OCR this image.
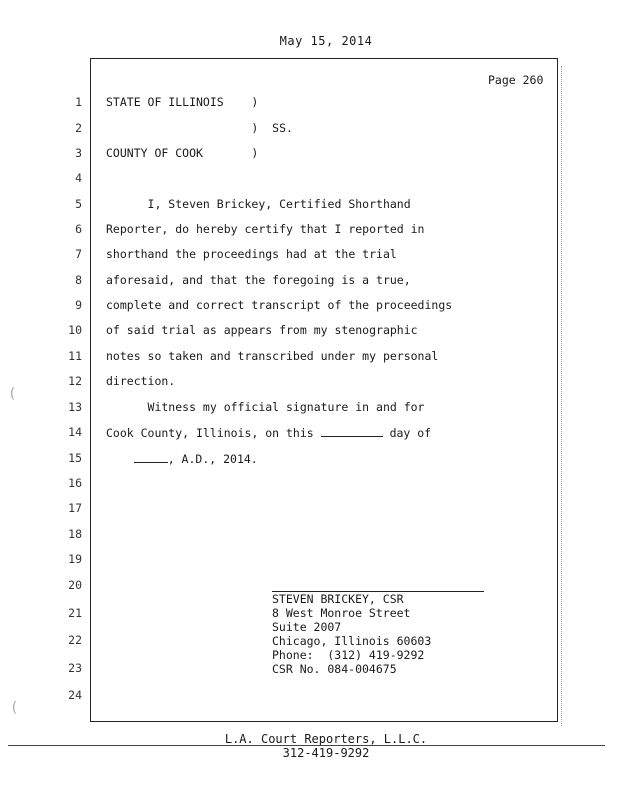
May 15, 2014
Page 260
1 STATE OF ILLINOIS    )
2 )  SS.
3 COUNTY OF COOK       )
4
5 I, Steven Brickey, Certified Shorthand
6 Reporter, do hereby certify that I reported in
7 shorthand the proceedings had at the trial
8 aforesaid, and that the foregoing is a true,
9 complete and correct transcript of the proceedings
10 of said trial as appears from my stenographic
11 notes so taken and transcribed under my personal
12 direction.
13 Witness my official signature in and for
14 Cook County, Illinois, on this	day of
15	, A.D., 2014.
16
17
18
19
20
21
22
23
24
STEVEN BRICKEY, CSR
8 West Monroe Street
Suite 2007
Chicago, Illinois 60603
Phone:  (312) 419-9292
CSR No. 084-004675
(
(
L.A. Court Reporters, L.L.C.
312-419-9292
